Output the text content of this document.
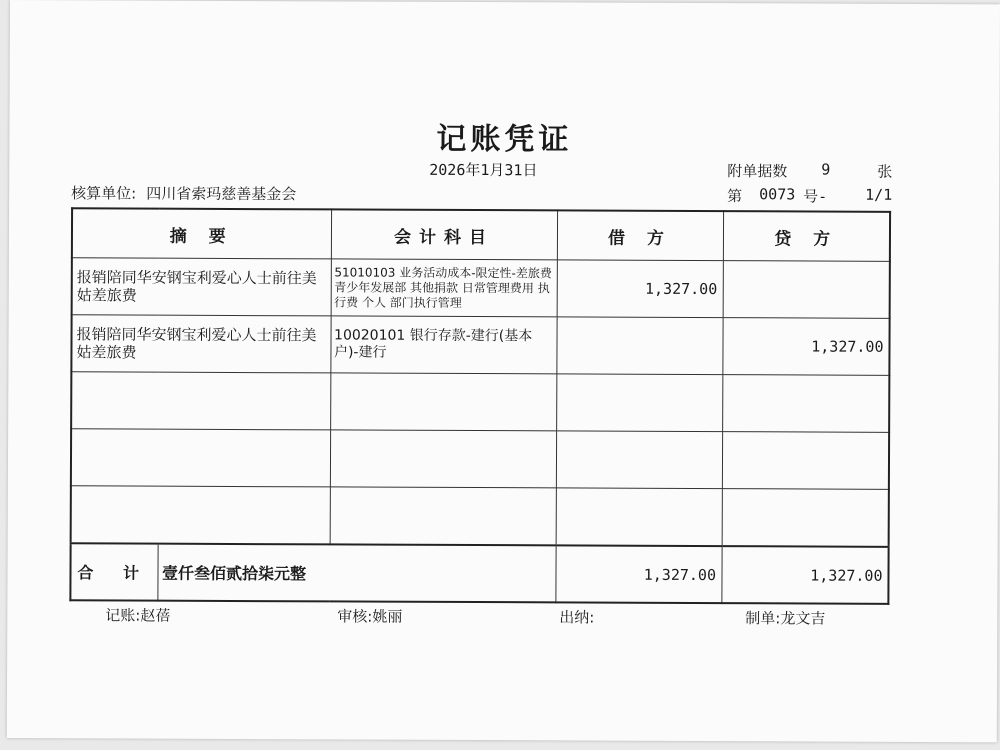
记账凭证
2026年1月31日	附单据数 9	张
核算单位: 四川省索玛慈善基金会	第 0073 号-	1/1
摘 要		会计科目	借 方	贷 方
报销陪同华安钢宝利爱心人士前往美姑差旅费		51010103 业务活动成本-限定性-差旅费 青少年发展部 其他捐款 日常管理费用 执行费 个人 部门执行管理	1,327.00	
报销陪同华安钢宝利爱心人士前往美姑差旅费		10020101 银行存款-建行(基本户)-建行		1,327.00

合 计	壹仟叁佰贰拾柒元整		1,327.00	1,327.00
记账:赵蓓	审核:姚丽	出纳:	制单:龙文吉
